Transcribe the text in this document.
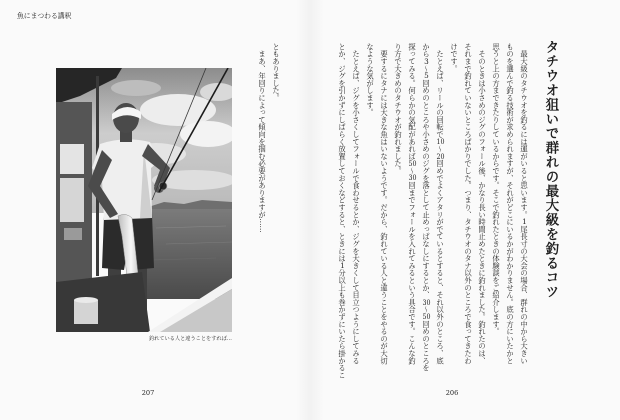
魚にまつわる講釈
釣れている人と違うことをすれば…
ともありました。
　まあ、年回りによって傾向を掴む必要がありますが……
207
タチウオ狙いで群れの最大級を釣るコツ
　最大級のタチウオを釣るには運がいると思います。1尾長寸の大会の場合、群れの中から大きい
ものを選んで釣る技術が求められますが、それがどこにいるかがわかりません。底の方にいたかと
思うと上の方まできたりしているからです。そこで釣れたときの体験談をご紹介します。
　そのときは小さめのジグのフォール後、かなり長い時間止めたときに釣れました。釣れたのは、
それまで釣れていないところばかりでした。つまり、タチウオのタナ以外のところで食ってきたわ
けです。
　たとえば、リールの回転で10〜20回めでよくアタリがでているとすると、それ以外のところ、底
から3〜5回めのところや小さめのジグを落として止めっぱなしにするとか、30〜50回めのところを
探ってみる。何らかの気配があれば50〜30回までフォールを入れてみるという具合です。こんな釣
り方で大きめのタチウオが釣れました。
　要するにタナには大きな魚はいないようです。だから、釣れている人と違うことをやるのが大切
なような気がします。
　たとえば、ジグを小さくしてフォールで食わせるとか、ジグを大きくして目立つようにしてみる
とか、ジグを引かずにしばらく放置しておくなどすると、ときには1分以上も巻かずにいたら掛かるこ
206
